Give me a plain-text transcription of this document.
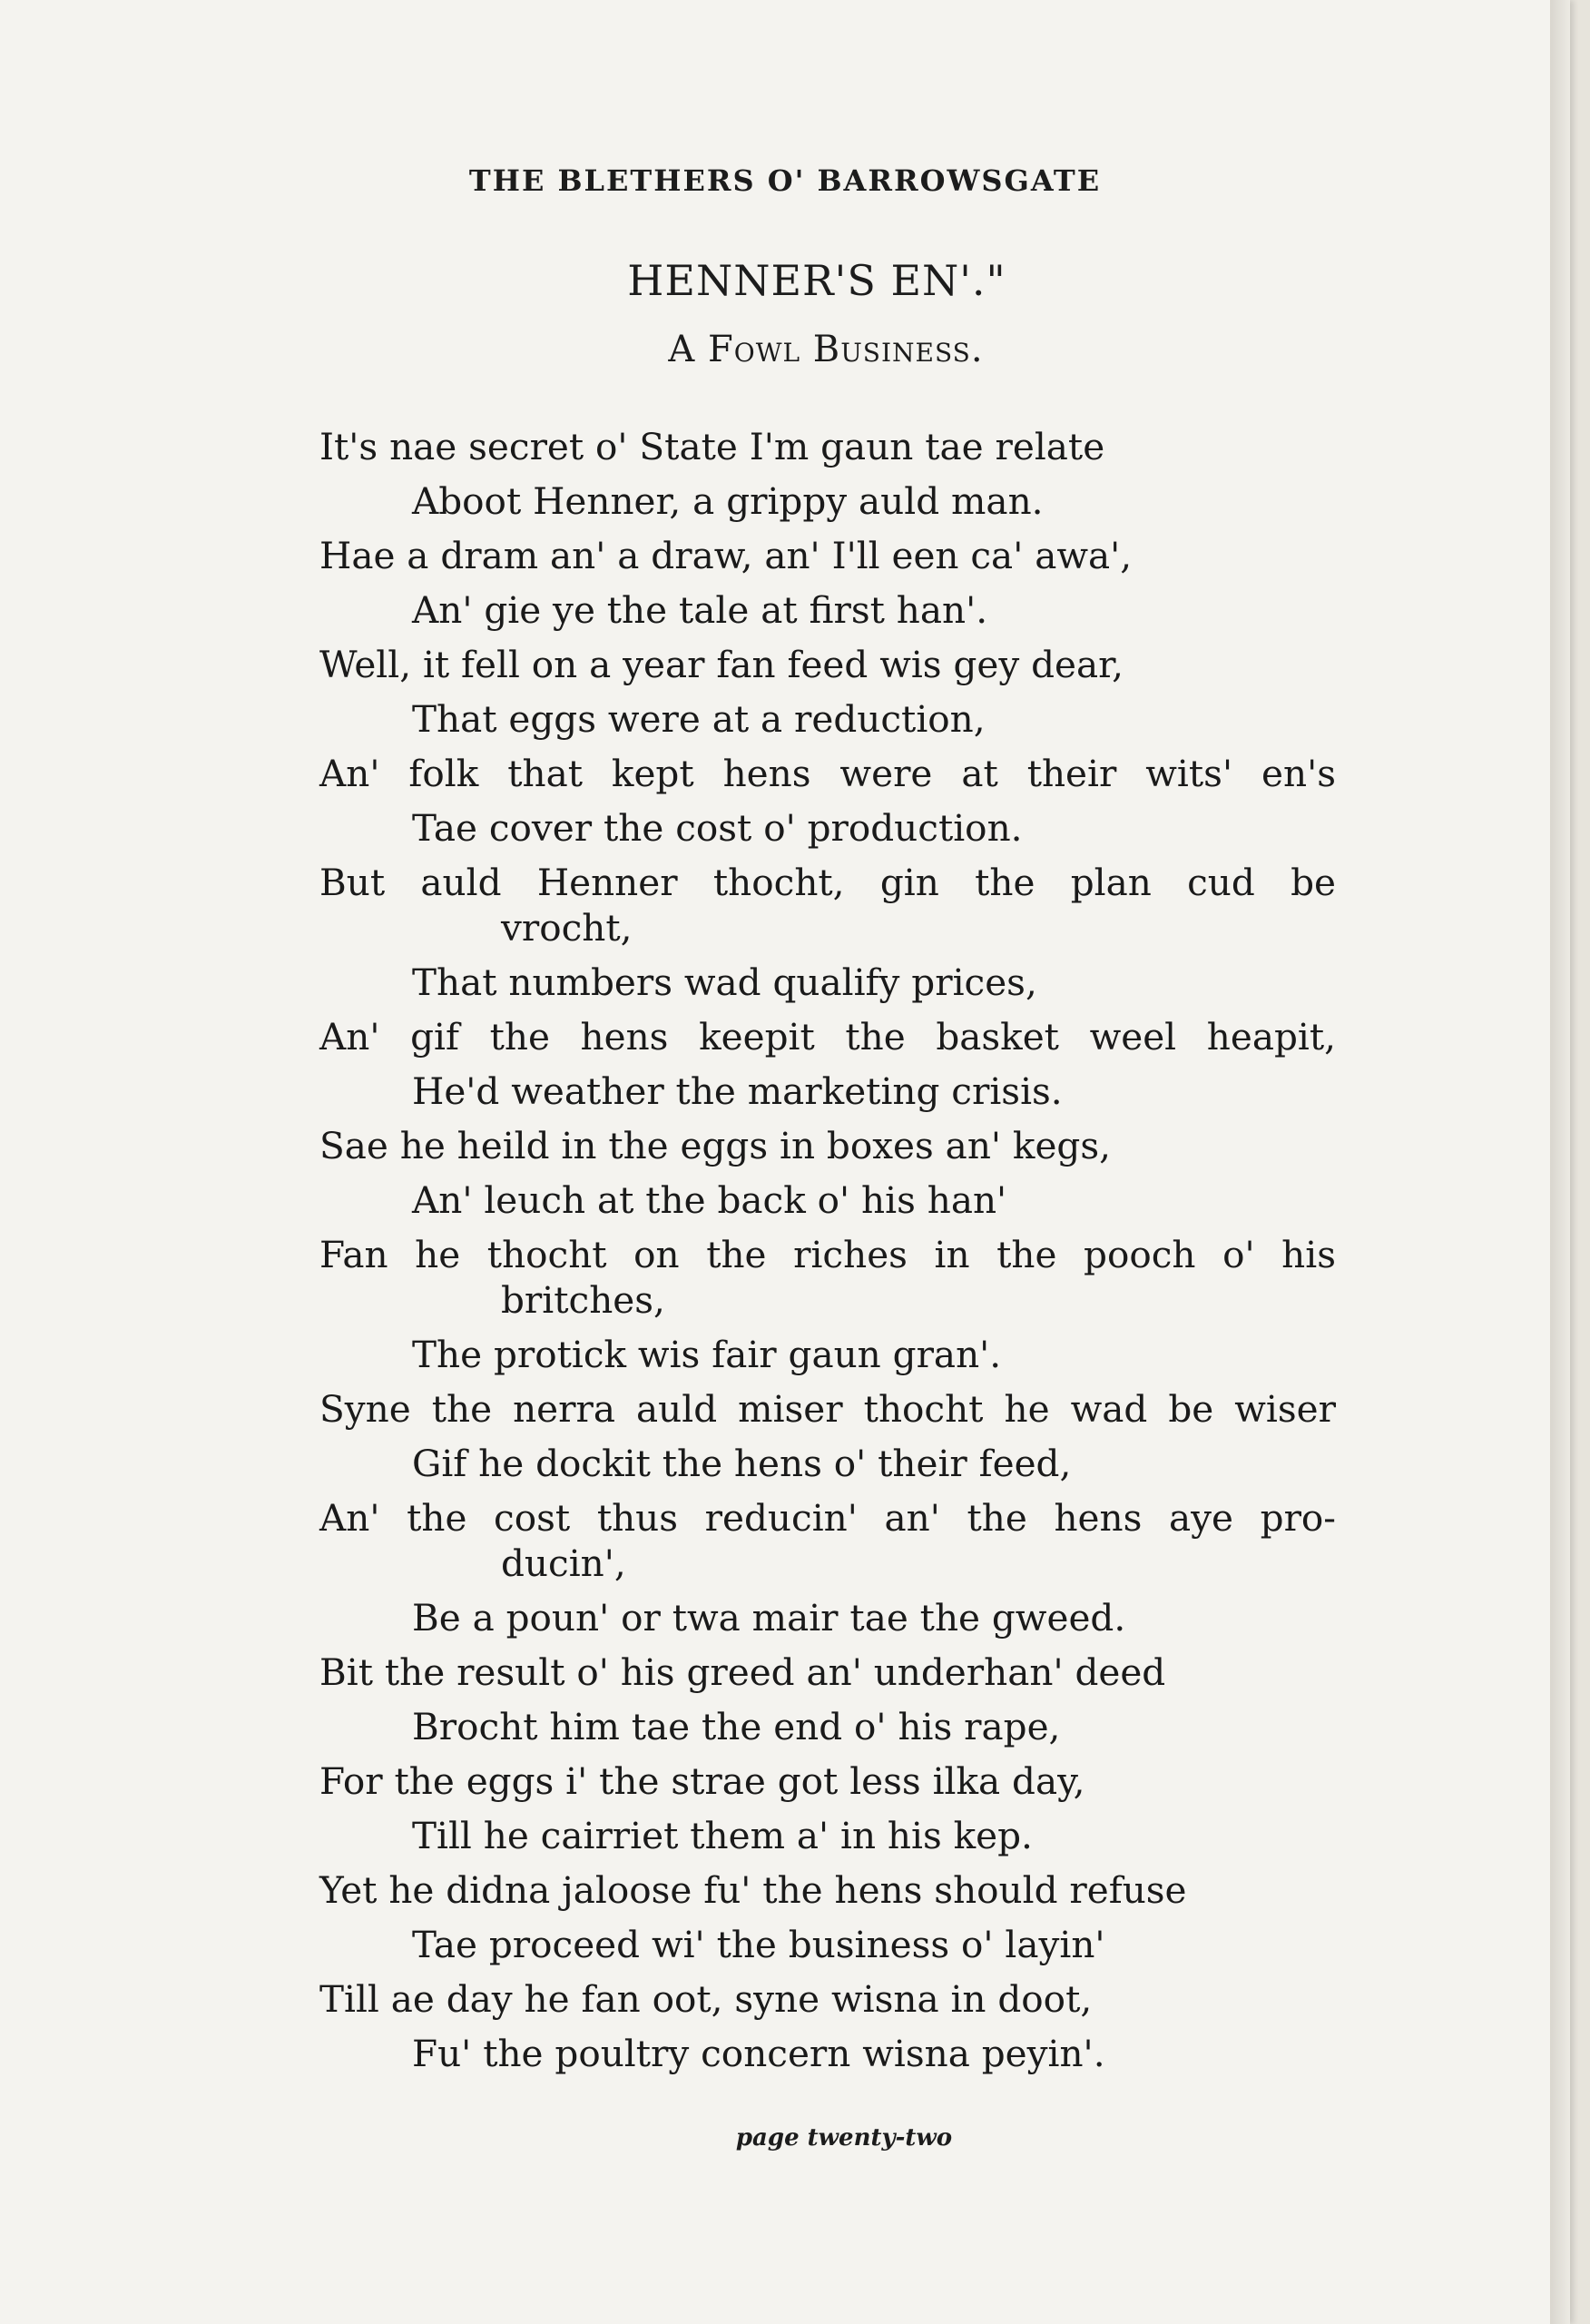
THE BLETHERS O' BARROWSGATE
HENNER'S EN'."
A Fowl Business.
It's nae secret o' State I'm gaun tae relate
Aboot Henner, a grippy auld man.
Hae a dram an' a draw, an' I'll een ca' awa',
An' gie ye the tale at first han'.
Well, it fell on a year fan feed wis gey dear,
That eggs were at a reduction,
An' folk that kept hens were at their wits' en's
Tae cover the cost o' production.
But auld Henner thocht, gin the plan cud be
vrocht,
That numbers wad qualify prices,
An' gif the hens keepit the basket weel heapit,
He'd weather the marketing crisis.
Sae he heild in the eggs in boxes an' kegs,
An' leuch at the back o' his han'
Fan he thocht on the riches in the pooch o' his
britches,
The protick wis fair gaun gran'.
Syne the nerra auld miser thocht he wad be wiser
Gif he dockit the hens o' their feed,
An' the cost thus reducin' an' the hens aye pro-
ducin',
Be a poun' or twa mair tae the gweed.
Bit the result o' his greed an' underhan' deed
Brocht him tae the end o' his rape,
For the eggs i' the strae got less ilka day,
Till he cairriet them a' in his kep.
Yet he didna jaloose fu' the hens should refuse
Tae proceed wi' the business o' layin'
Till ae day he fan oot, syne wisna in doot,
Fu' the poultry concern wisna peyin'.
page twenty-two
